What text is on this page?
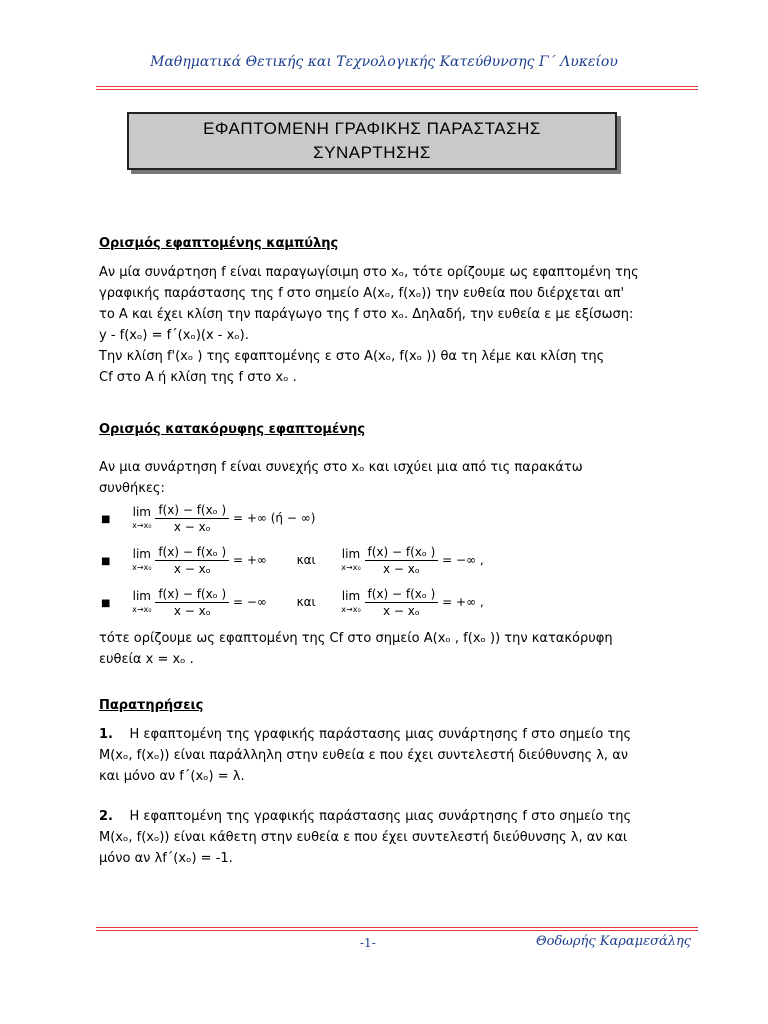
Μαθηματικά Θετικής και Τεχνολογικής Κατεύθυνσης Γ΄ Λυκείου
ΕΦΑΠΤΟΜΕΝΗ ΓΡΑΦΙΚΗΣ ΠΑΡΑΣΤΑΣΗΣ
ΣΥΝΑΡΤΗΣΗΣ
Ορισμός εφαπτομένης καμπύλης
Αν μία συνάρτηση f είναι παραγωγίσιμη στο xₒ, τότε ορίζουμε ως εφαπτομένη της
γραφικής παράστασης της f στο σημείο A(xₒ, f(xₒ)) την ευθεία που διέρχεται απ'
το A και έχει κλίση την παράγωγο της f στο xₒ. Δηλαδή, την ευθεία ε με εξίσωση:
y - f(xₒ) = f΄(xₒ)(x - xₒ).
Την κλίση f'(xₒ ) της εφαπτομένης ε στο A(xₒ, f(xₒ )) θα τη λέμε και κλίση της
Cf στο A ή κλίση της f στο xₒ .
Ορισμός κατακόρυφης εφαπτομένης
Αν μια συνάρτηση f είναι συνεχής στο xₒ και ισχύει μια από τις παρακάτω
συνθήκες:
■  lim
x→x₀
$\frac{\text{f(x) − f(xₒ )}}{\text{x − xₒ}}$ = +∞ (ή − ∞)
■  lim
x→x₀
$\frac{\text{f(x) − f(xₒ )}}{\text{x − xₒ}}$ = +∞ και lim
x→x₀
$\frac{\text{f(x) − f(xₒ )}}{\text{x − xₒ}}$ = −∞ ,
■  lim
x→x₀
$\frac{\text{f(x) − f(xₒ )}}{\text{x − xₒ}}$ = −∞ και lim
x→x₀
$\frac{\text{f(x) − f(xₒ )}}{\text{x − xₒ}}$ = +∞ ,
τότε ορίζουμε ως εφαπτομένη της Cf στο σημείο A(xₒ , f(xₒ )) την κατακόρυφη
ευθεία x = xₒ .
Παρατηρήσεις
1. Η εφαπτομένη της γραφικής παράστασης μιας συνάρτησης f στο σημείο της
Μ(xₒ, f(xₒ)) είναι παράλληλη στην ευθεία ε που έχει συντελεστή διεύθυνσης λ, αν
και μόνο αν f΄(xₒ) = λ.
2. Η εφαπτομένη της γραφικής παράστασης μιας συνάρτησης f στο σημείο της
Μ(xₒ, f(xₒ)) είναι κάθετη στην ευθεία ε που έχει συντελεστή διεύθυνσης λ, αν και
μόνο αν λf΄(xₒ) = -1.
-1-	Θοδωρής Καραμεσάλης
